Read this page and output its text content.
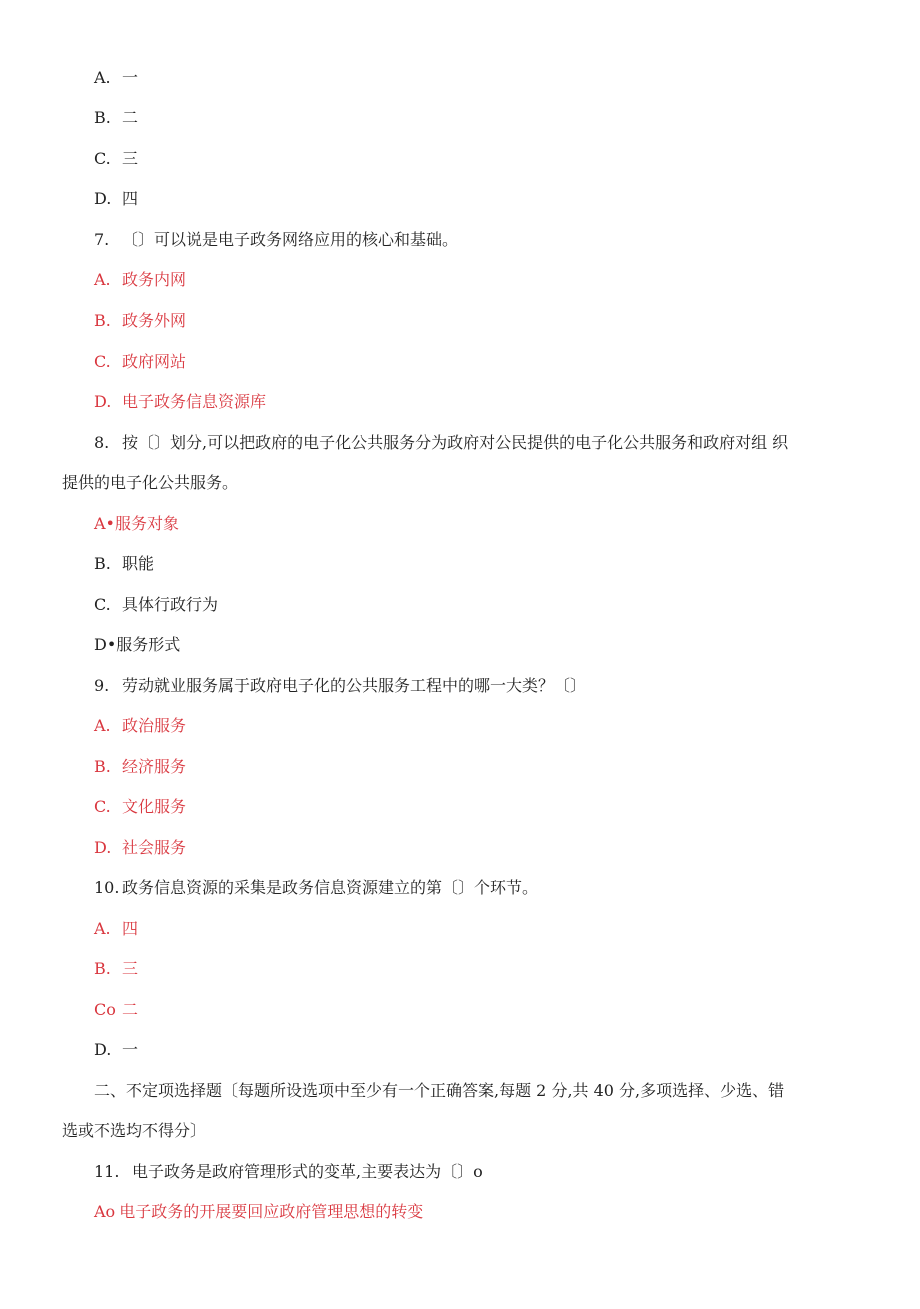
A. 一
B. 二
C. 三
D. 四
7. 〔〕可以说是电子政务网络应用的核心和基础。
A. 政务内网
B. 政务外网
C. 政府网站
D. 电子政务信息资源库
8. 按〔〕划分,可以把政府的电子化公共服务分为政府对公民提供的电子化公共服务和政府对组 织
提供的电子化公共服务。
A•服务对象
B. 职能
C. 具体行政行为
D•服务形式
9. 劳动就业服务属于政府电子化的公共服务工程中的哪一大类？〔〕
A. 政治服务
B. 经济服务
C. 文化服务
D. 社会服务
10. 政务信息资源的采集是政务信息资源建立的第〔〕个环节。
A. 四
B. 三
Co 二
D. 一
二、不定项选择题〔每题所设选项中至少有一个正确答案,每题 2 分,共 40 分,多项选择、少选、错
选或不选均不得分〕
11. 电子政务是政府管理形式的变革,主要表达为〔〕o
Ao 电子政务的开展要回应政府管理思想的转变
